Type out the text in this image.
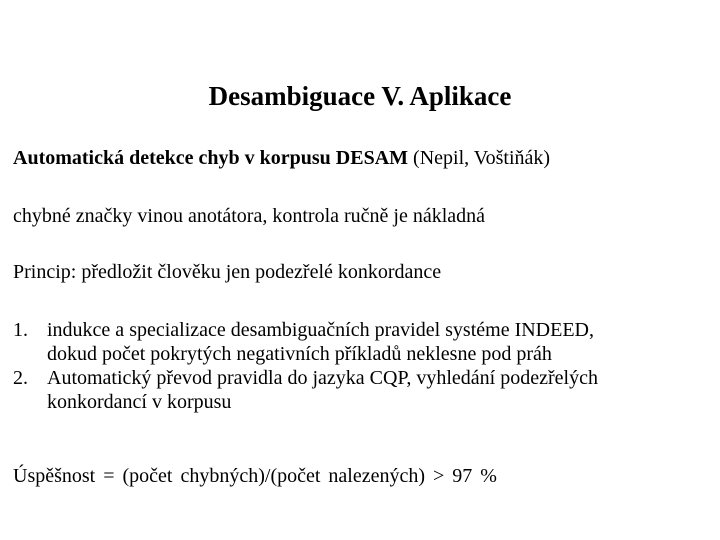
Desambiguace V. Aplikace
Automatická detekce chyb v korpusu DESAM (Nepil, Voštiňák)
chybné značky vinou anotátora, kontrola ručně je nákladná
Princip: předložit člověku jen podezřelé konkordance
1. indukce a specializace desambiguačních pravidel systéme INDEED,
dokud počet pokrytých negativních příkladů neklesne pod práh
2. Automatický převod pravidla do jazyka CQP, vyhledání podezřelých
konkordancí v korpusu
Úspěšnost = (počet chybných)/(počet nalezených) > 97 %
